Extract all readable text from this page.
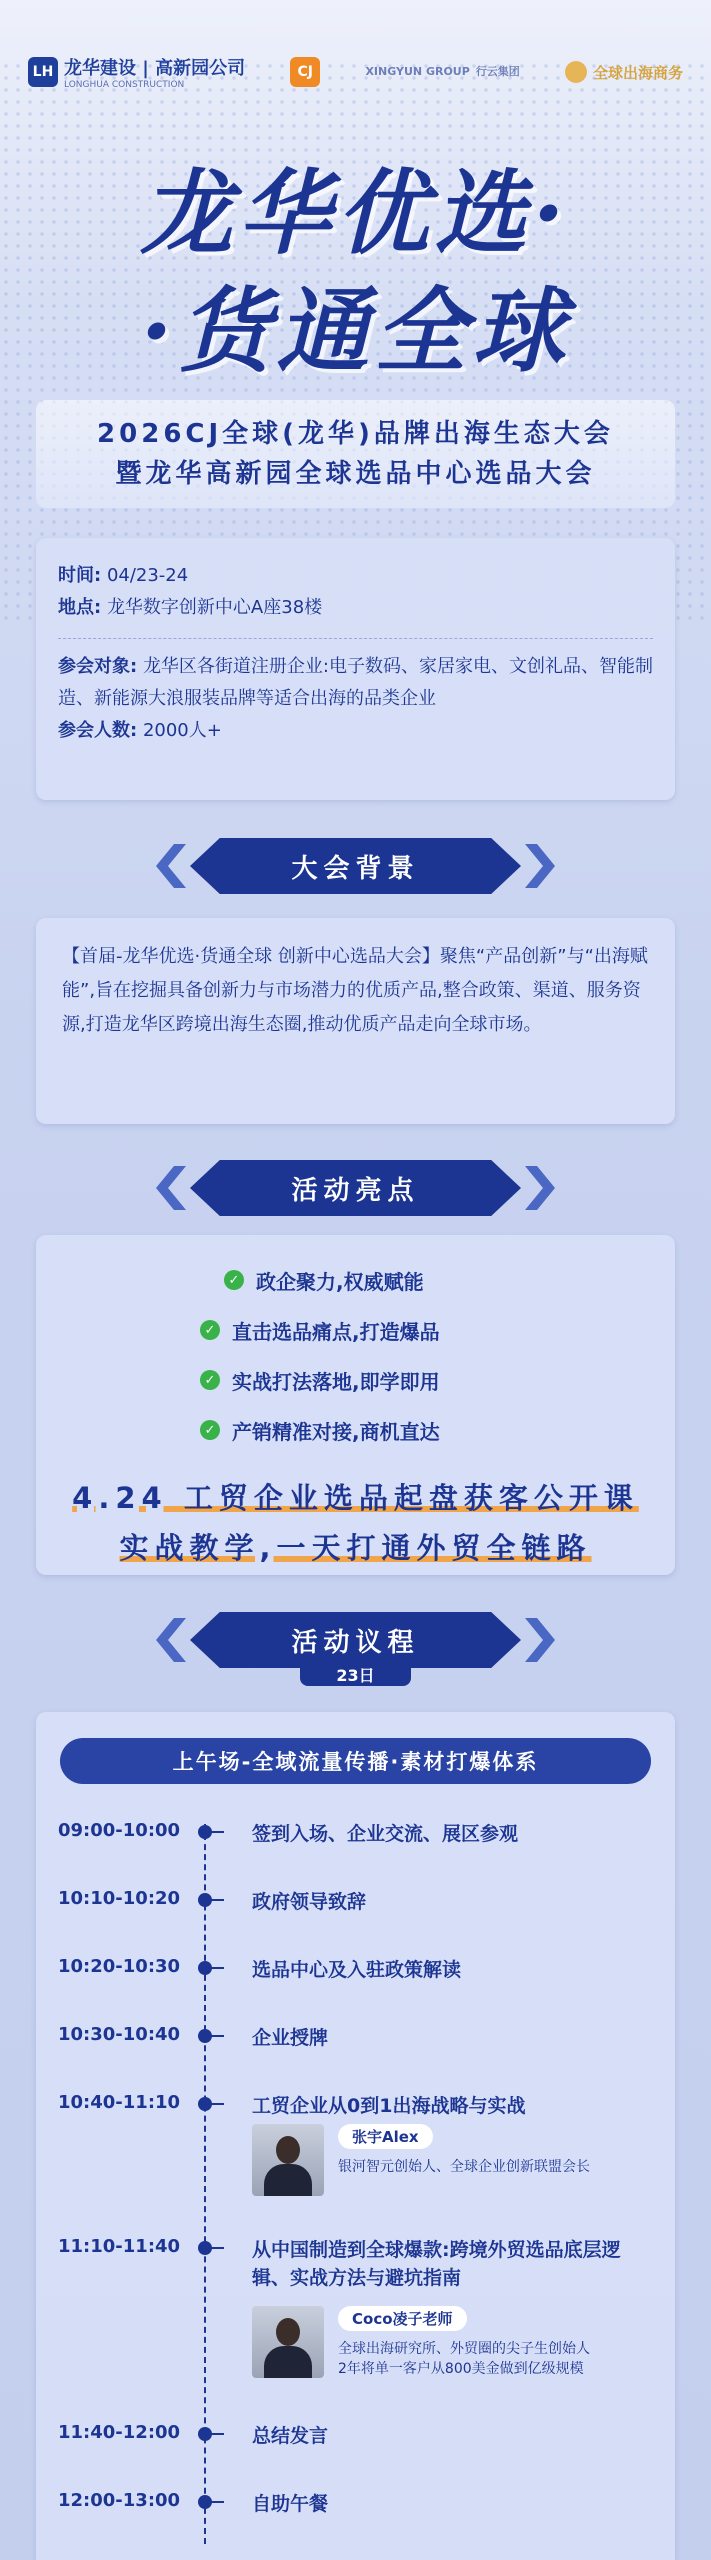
LH 龙华建设 | 高新园公司
LONGHUA CONSTRUCTION
CJ	XINGYUN GROUP 行云集团	全球出海商务
龙华优选·
·货通全球
2026CJ全球(龙华)品牌出海生态大会
暨龙华高新园全球选品中心选品大会
时间: 04/23-24
地点: 龙华数字创新中心A座38楼
参会对象: 龙华区各街道注册企业:电子数码、家居家电、文创礼品、智能制造、新能源大浪服装品牌等适合出海的品类企业
参会人数: 2000人+
大会背景

【首届-龙华优选·货通全球 创新中心选品大会】聚焦“产品创新”与“出海赋能”,旨在挖掘具备创新力与市场潜力的优质产品,整合政策、渠道、服务资源,打造龙华区跨境出海生态圈,推动优质产品走向全球市场。

活动亮点
✓ 政企聚力,权威赋能
✓ 直击选品痛点,打造爆品
✓ 实战打法落地,即学即用
✓ 产销精准对接,商机直达
4.24 工贸企业选品起盘获客公开课
实战教学,一天打通外贸全链路
活动议程
23日
上午场-全域流量传播·素材打爆体系
09:00-10:00	签到入场、企业交流、展区参观
10:10-10:20	政府领导致辞
10:20-10:30	选品中心及入驻政策解读
10:30-10:40	企业授牌
10:40-11:10	工贸企业从0到1出海战略与实战
张宇Alex
银河智元创始人、全球企业创新联盟会长
11:10-11:40	从中国制造到全球爆款:跨境外贸选品底层逻辑、实战方法与避坑指南
Coco凌子老师
全球出海研究所、外贸圈的尖子生创始人
2年将单一客户从800美金做到亿级规模
11:40-12:00	总结发言
12:00-13:00	自助午餐
